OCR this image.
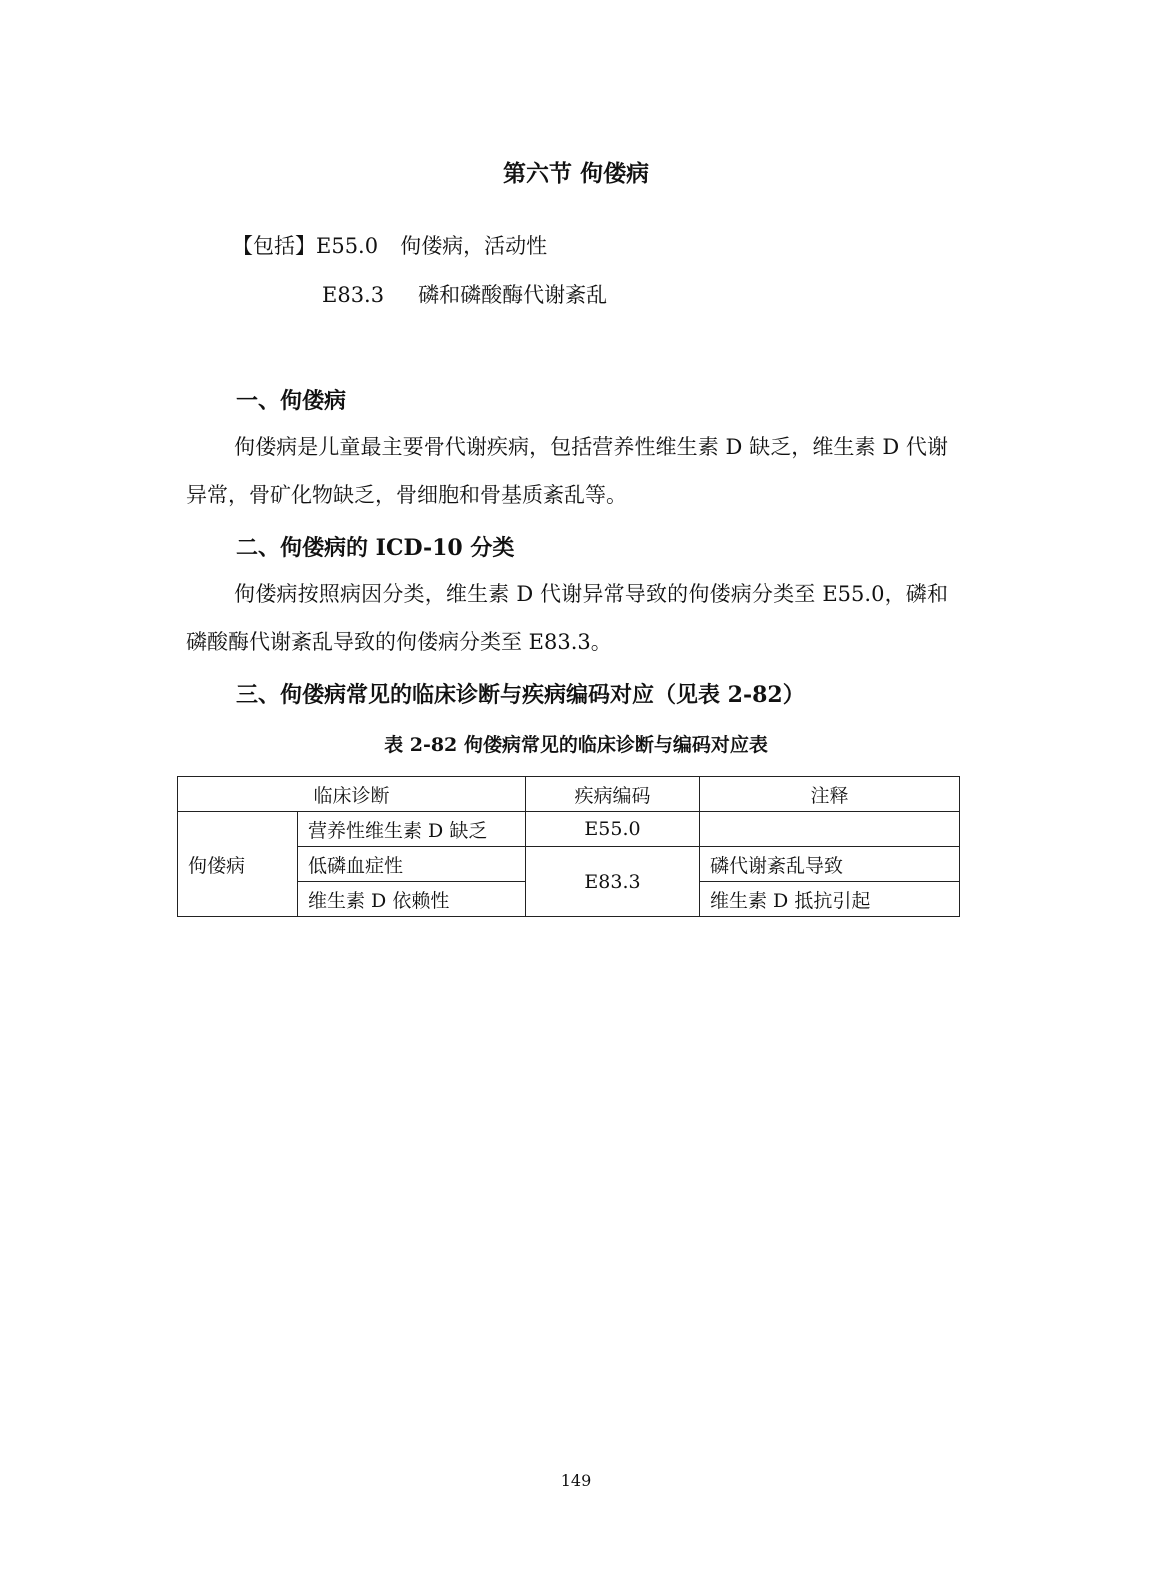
第六节 佝偻病
【包括】E55.0 佝偻病，活动性
E83.3 磷和磷酸酶代谢紊乱
一、佝偻病
佝偻病是儿童最主要骨代谢疾病，包括营养性维生素 D 缺乏，维生素 D 代谢异常，骨矿化物缺乏，骨细胞和骨基质紊乱等。
二、佝偻病的 ICD-10 分类
佝偻病按照病因分类，维生素 D 代谢异常导致的佝偻病分类至 E55.0，磷和磷酸酶代谢紊乱导致的佝偻病分类至 E83.3。
三、佝偻病常见的临床诊断与疾病编码对应（见表 2-82）
表 2-82 佝偻病常见的临床诊断与编码对应表
临床诊断		疾病编码	注释
佝偻病	营养性维生素 D 缺乏	E55.0	
	低磷血症性	E83.3	磷代谢紊乱导致
	维生素 D 依赖性		维生素 D 抵抗引起
149
